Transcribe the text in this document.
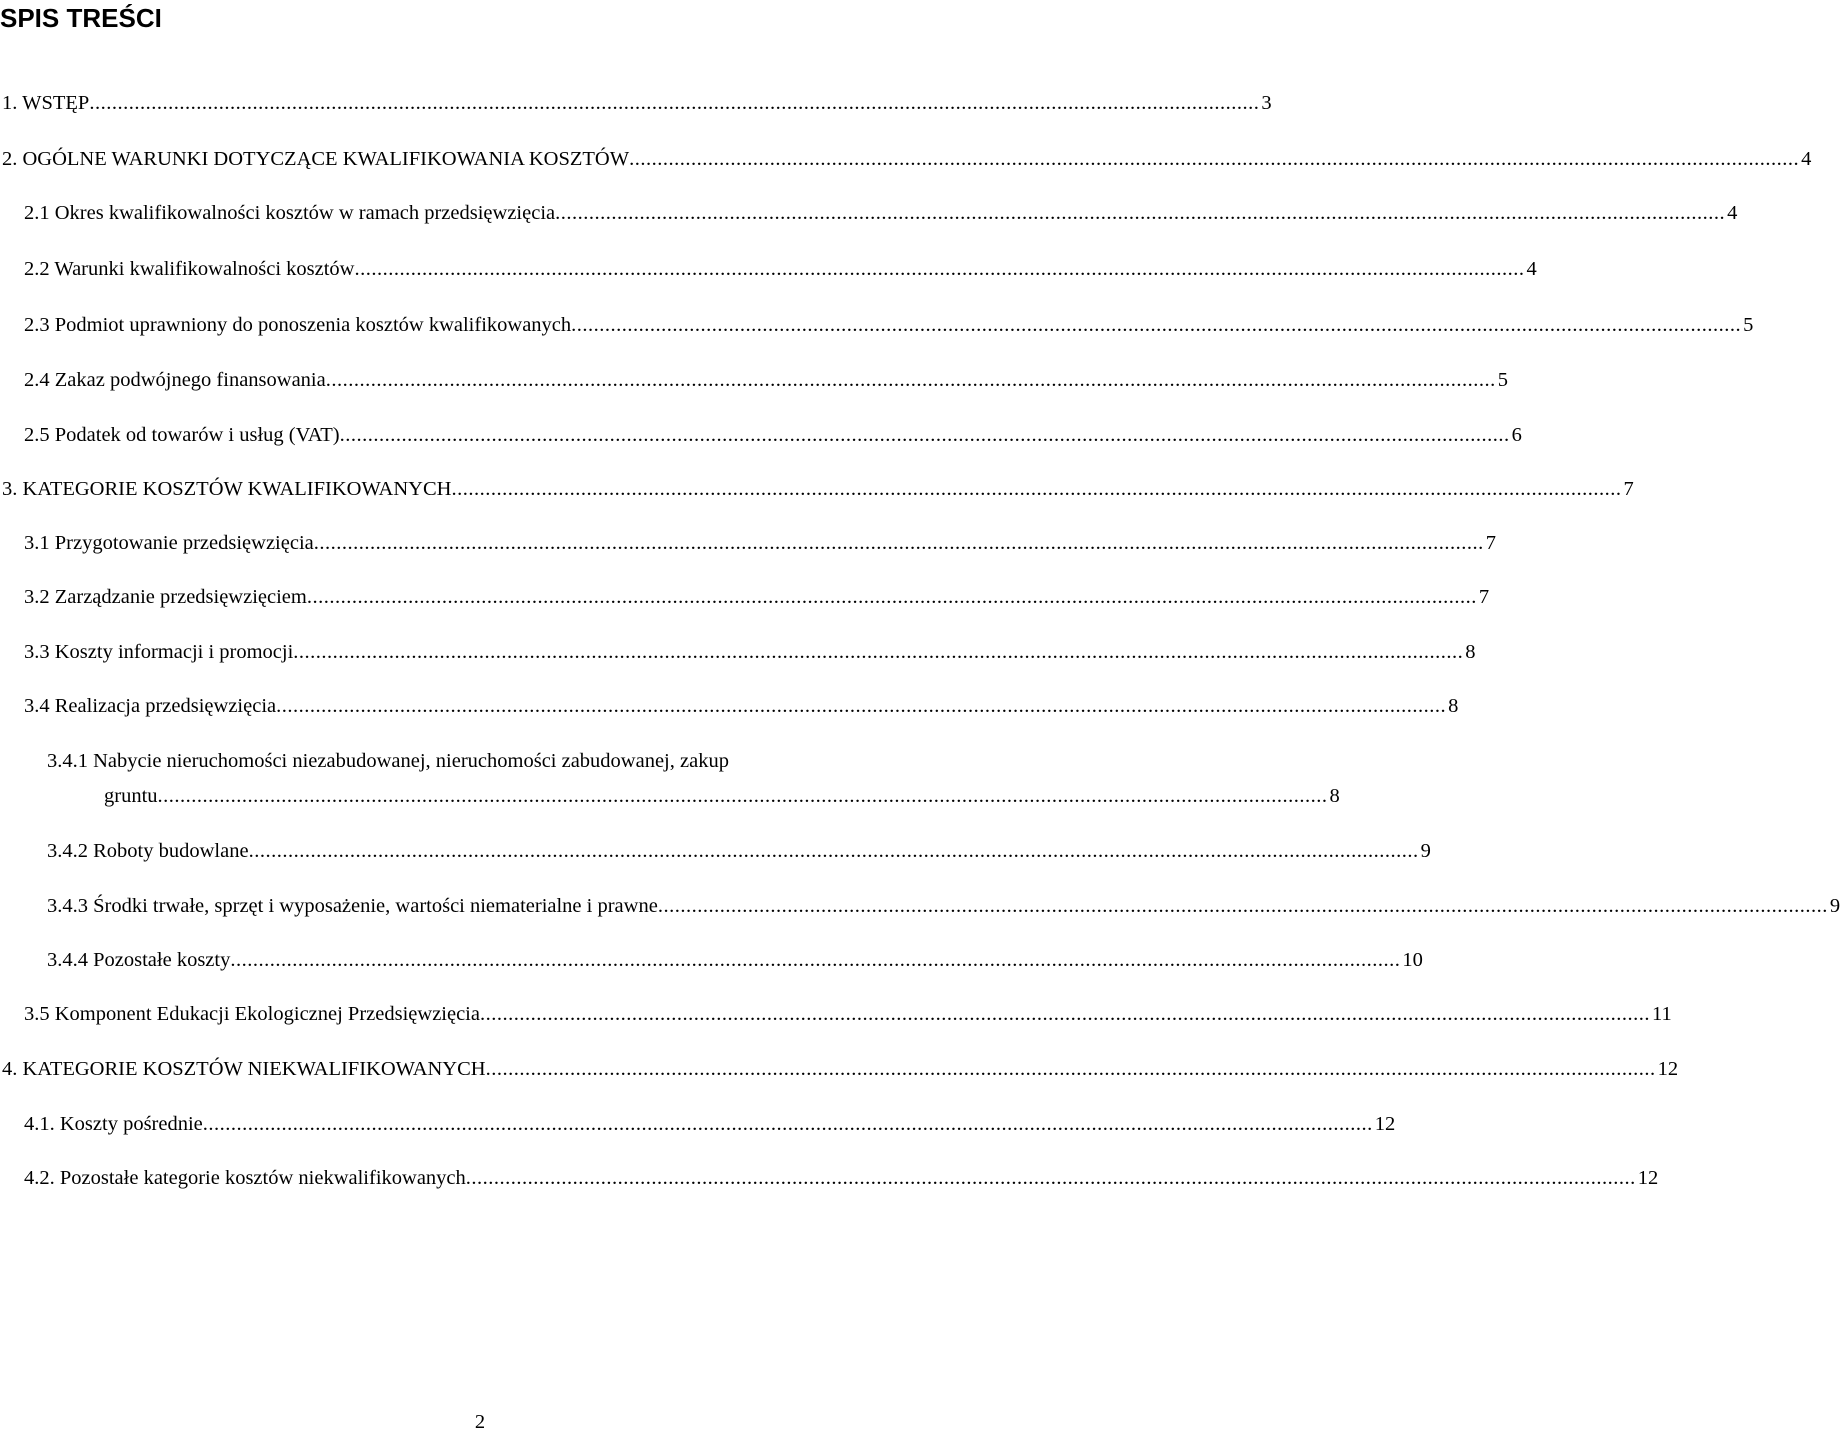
SPIS TREŚCI
1. WSTĘP .....	3
2. OGÓLNE WARUNKI DOTYCZĄCE KWALIFIKOWANIA KOSZTÓW .....	4
2.1 Okres kwalifikowalności kosztów w ramach przedsięwzięcia .....	4
2.2 Warunki kwalifikowalności kosztów .....	4
2.3 Podmiot uprawniony do ponoszenia kosztów kwalifikowanych .....	5
2.4 Zakaz podwójnego finansowania .....	5
2.5 Podatek od towarów i usług (VAT) .....	6
3. KATEGORIE KOSZTÓW KWALIFIKOWANYCH .....	7
3.1 Przygotowanie przedsięwzięcia .....	7
3.2 Zarządzanie przedsięwzięciem .....	7
3.3 Koszty informacji i promocji .....	8
3.4 Realizacja przedsięwzięcia .....	8
3.4.1 Nabycie nieruchomości niezabudowanej, nieruchomości zabudowanej, zakup
gruntu .....	8
3.4.2 Roboty budowlane .....	9
3.4.3 Środki trwałe, sprzęt i wyposażenie, wartości niematerialne i prawne .....	9
3.4.4 Pozostałe koszty .....	10
3.5 Komponent Edukacji Ekologicznej Przedsięwzięcia .....	11
4. KATEGORIE KOSZTÓW NIEKWALIFIKOWANYCH .....	12
4.1. Koszty pośrednie .....	12
4.2. Pozostałe kategorie kosztów niekwalifikowanych .....	12
2
